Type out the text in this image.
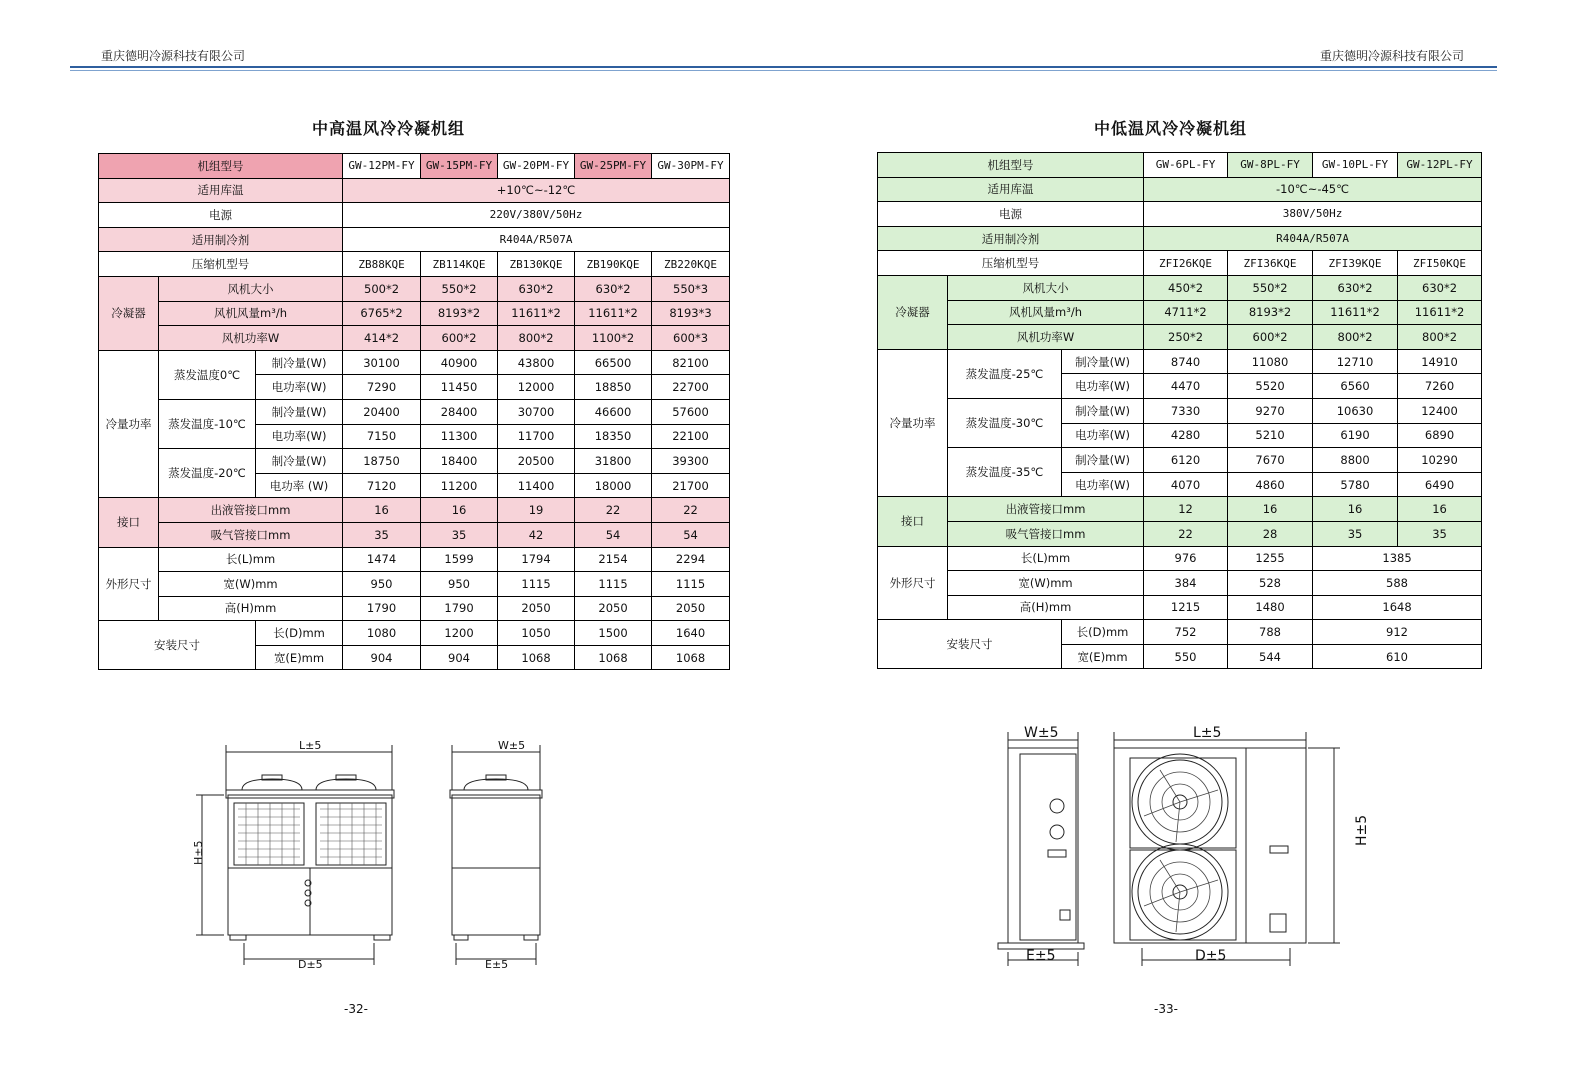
重庆德明冷源科技有限公司	重庆德明冷源科技有限公司
中高温风冷冷凝机组	中低温风冷冷凝机组
机组型号			GW-12PM-FY	GW-15PM-FY	GW-20PM-FY	GW-25PM-FY	GW-30PM-FY
适用库温			+10℃~-12℃				
电源			220V/380V/50Hz				
适用制冷剂			R404A/R507A				
压缩机型号			ZB88KQE	ZB114KQE	ZB130KQE	ZB190KQE	ZB220KQE
冷凝器	风机大小		500*2	550*2	630*2	630*2	550*3
	风机风量m³/h		6765*2	8193*2	11611*2	11611*2	8193*3
	风机功率W		414*2	600*2	800*2	1100*2	600*3
冷量功率	蒸发温度0℃	制冷量(W)	30100	40900	43800	66500	82100
		电功率(W)	7290	11450	12000	18850	22700
	蒸发温度-10℃	制冷量(W)	20400	28400	30700	46600	57600
		电功率(W)	7150	11300	11700	18350	22100
	蒸发温度-20℃	制冷量(W)	18750	18400	20500	31800	39300
		电功率 (W)	7120	11200	11400	18000	21700
接口	出液管接口mm		16	16	19	22	22
	吸气管接口mm		35	35	42	54	54
外形尺寸	长(L)mm		1474	1599	1794	2154	2294
	宽(W)mm		950	950	1115	1115	1115
	高(H)mm		1790	1790	2050	2050	2050
安装尺寸		长(D)mm	1080	1200	1050	1500	1640
		宽(E)mm	904	904	1068	1068	1068
机组型号			GW-6PL-FY	GW-8PL-FY	GW-10PL-FY	GW-12PL-FY
适用库温			-10℃~-45℃			
电源			380V/50Hz			
适用制冷剂			R404A/R507A			
压缩机型号			ZFI26KQE	ZFI36KQE	ZFI39KQE	ZFI50KQE
冷凝器	风机大小		450*2	550*2	630*2	630*2
	风机风量m³/h		4711*2	8193*2	11611*2	11611*2
	风机功率W		250*2	600*2	800*2	800*2
冷量功率	蒸发温度-25℃	制冷量(W)	8740	11080	12710	14910
		电功率(W)	4470	5520	6560	7260
	蒸发温度-30℃	制冷量(W)	7330	9270	10630	12400
		电功率(W)	4280	5210	6190	6890
	蒸发温度-35℃	制冷量(W)	6120	7670	8800	10290
		电功率(W)	4070	4860	5780	6490
接口	出液管接口mm		12	16	16	16
	吸气管接口mm		22	28	35	35
外形尺寸	长(L)mm		976	1255	1385	
	宽(W)mm		384	528	588	
	高(H)mm		1215	1480	1648	
安装尺寸		长(D)mm	752	788	912	
		宽(E)mm	550	544	610	
L±5	W±5
H±5
D±5	E±5
W±5	L±5
H±5
E±5	D±5
-32-	-33-
